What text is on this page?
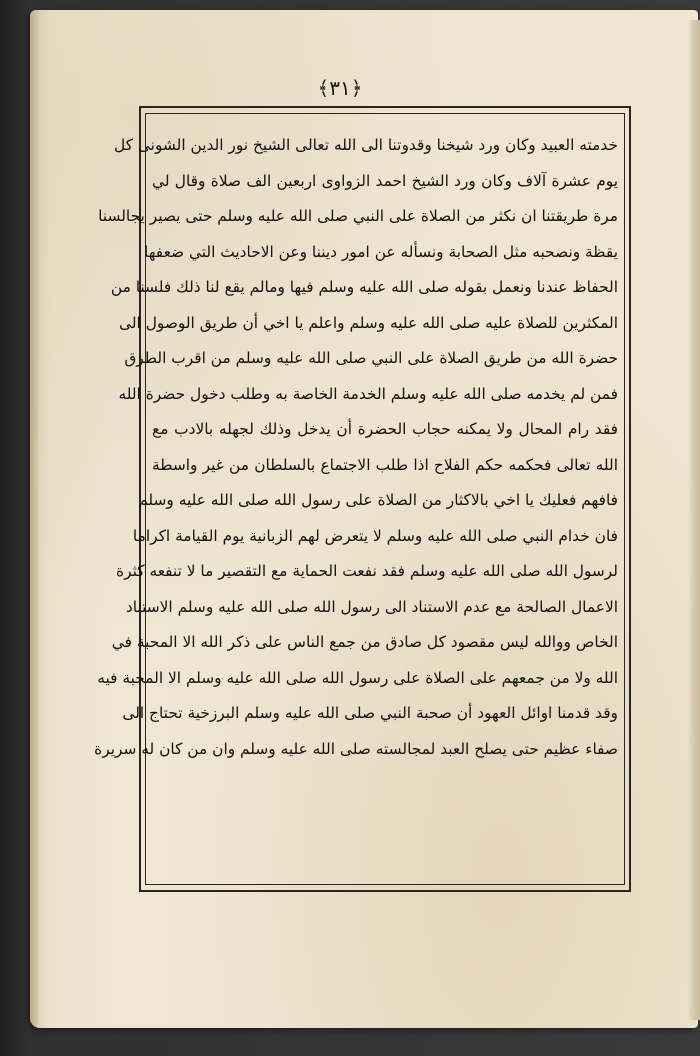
﴾٣١﴿
خدمته العبيد وكان ورد شيخنا وقدوتنا الى الله تعالى الشيخ نور الدين الشونى كل
يوم عشرة آلاف وكان ورد الشيخ احمد الزواوى اربعين الف صلاة وقال لي
مرة طريقتنا ان نكثر من الصلاة على النبي صلى الله عليه وسلم حتى يصير يجالسنا
يقظة ونصحبه مثل الصحابة ونسأله عن امور ديننا وعن الاحاديث التي ضعفها
الحفاظ عندنا ونعمل بقوله صلى الله عليه وسلم فيها ومالم يقع لنا ذلك فلسنا من
المكثرين للصلاة عليه صلى الله عليه وسلم واعلم يا اخي أن طريق الوصول الى
حضرة الله من طريق الصلاة على النبي صلى الله عليه وسلم من اقرب الطرق
فمن لم يخدمه صلى الله عليه وسلم الخدمة الخاصة به وطلب دخول حضرة الله
فقد رام المحال ولا يمكنه حجاب الحضرة أن يدخل وذلك لجهله بالادب مع
الله تعالى فحكمه حكم الفلاح اذا طلب الاجتماع بالسلطان من غير واسطة
فافهم فعليك يا اخي بالاكثار من الصلاة على رسول الله صلى الله عليه وسلم
فان خدام النبي صلى الله عليه وسلم لا يتعرض لهم الزبانية يوم القيامة اكراما
لرسول الله صلى الله عليه وسلم فقد نفعت الحماية مع التقصير ما لا تنفعه كثرة
الاعمال الصالحة مع عدم الاستناد الى رسول الله صلى الله عليه وسلم الاستناد
الخاص ووالله ليس مقصود كل صادق من جمع الناس على ذكر الله الا المحبة في
الله ولا من جمعهم على الصلاة على رسول الله صلى الله عليه وسلم الا المحبة فيه
وقد قدمنا اوائل العهود أن صحبة النبي صلى الله عليه وسلم البرزخية تحتاج الى
صفاء عظيم حتى يصلح العبد لمجالسته صلى الله عليه وسلم وان من كان له سريرة
